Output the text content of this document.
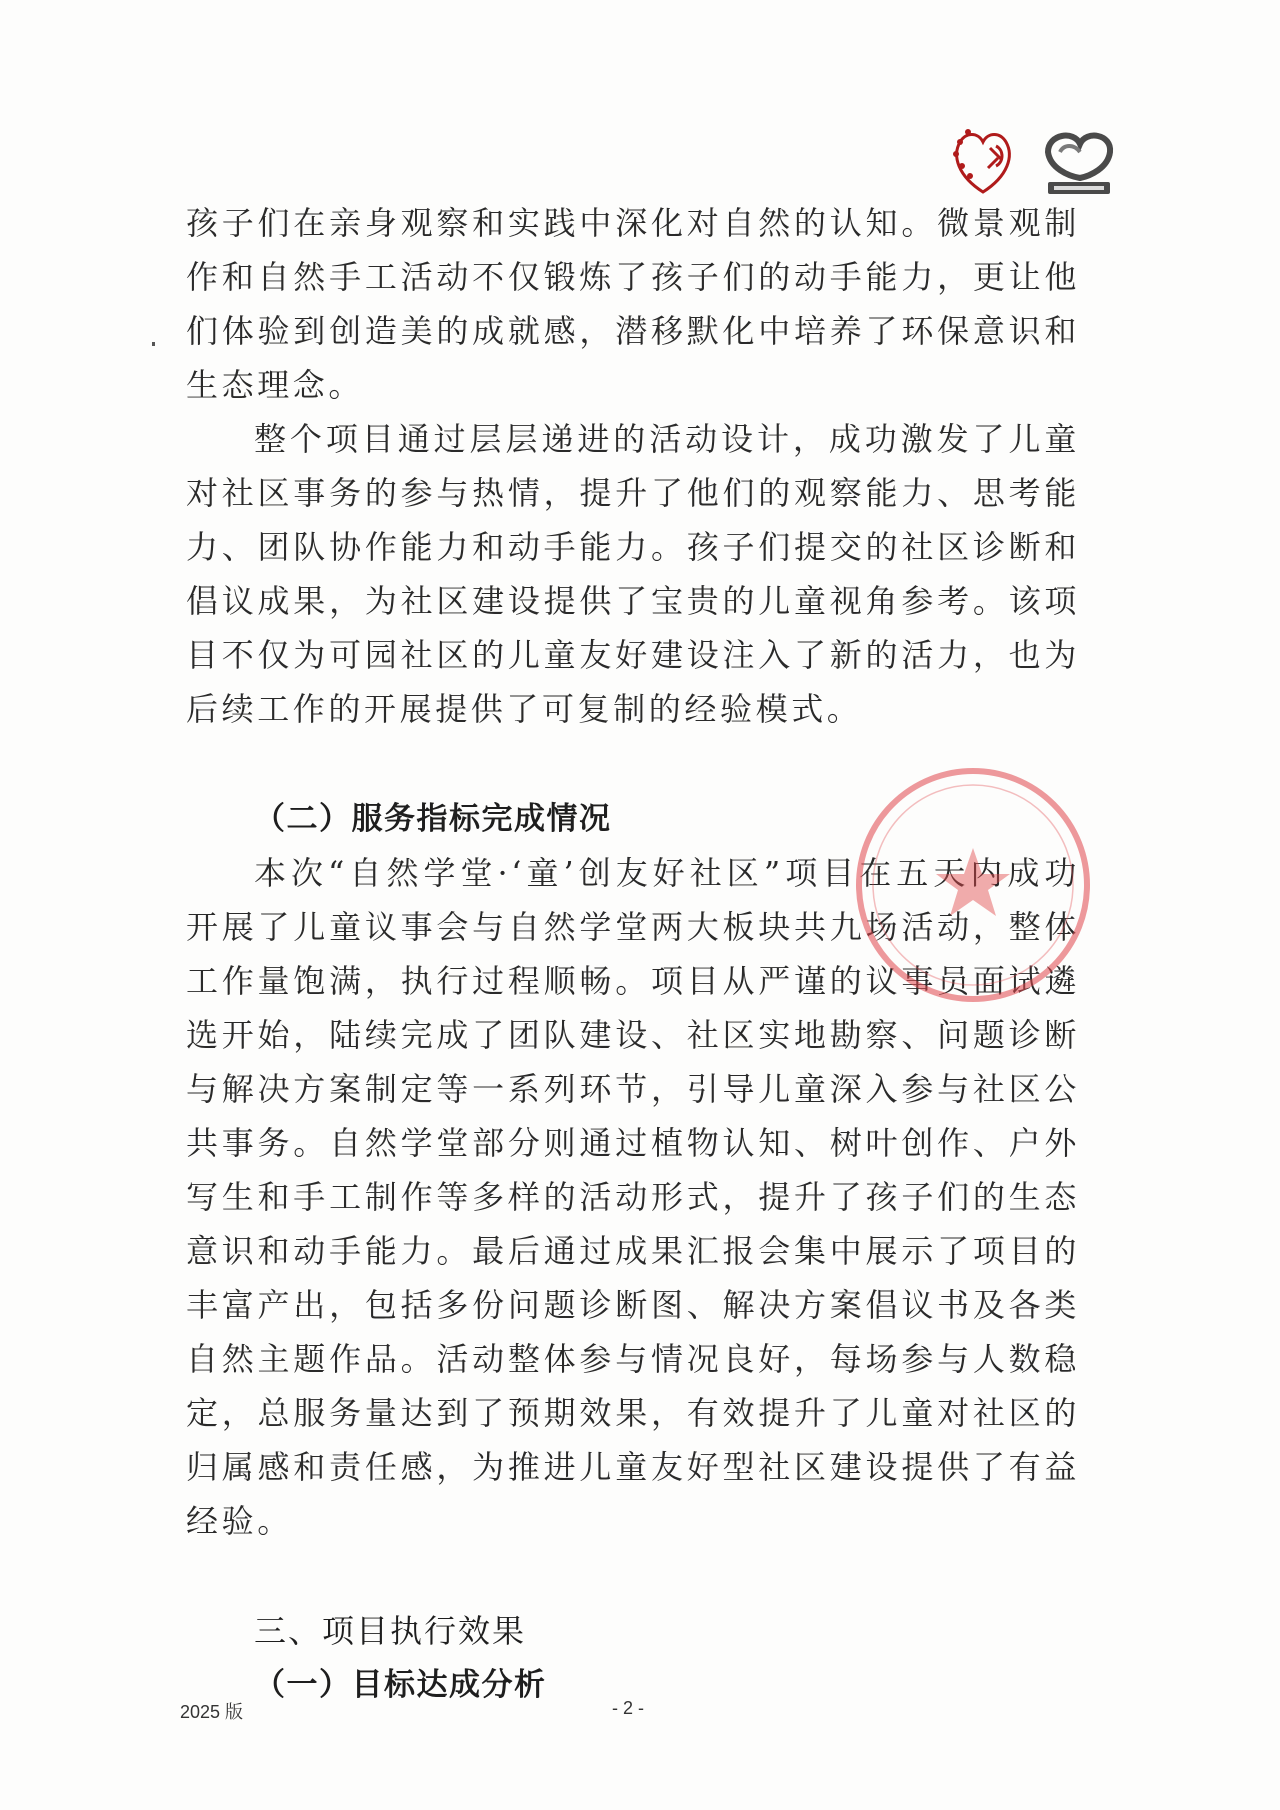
孩子们在亲身观察和实践中深化对自然的认知。微景观制作和自然手工活动不仅锻炼了孩子们的动手能力，更让他们体验到创造美的成就感，潜移默化中培养了环保意识和生态理念。

整个项目通过层层递进的活动设计，成功激发了儿童对社区事务的参与热情，提升了他们的观察能力、思考能力、团队协作能力和动手能力。孩子们提交的社区诊断和倡议成果，为社区建设提供了宝贵的儿童视角参考。该项目不仅为可园社区的儿童友好建设注入了新的活力，也为后续工作的开展提供了可复制的经验模式。

（二）服务指标完成情况

本次“自然学堂·‘童’创友好社区”项目在五天内成功开展了儿童议事会与自然学堂两大板块共九场活动，整体工作量饱满，执行过程顺畅。项目从严谨的议事员面试遴选开始，陆续完成了团队建设、社区实地勘察、问题诊断与解决方案制定等一系列环节，引导儿童深入参与社区公共事务。自然学堂部分则通过植物认知、树叶创作、户外写生和手工制作等多样的活动形式，提升了孩子们的生态意识和动手能力。最后通过成果汇报会集中展示了项目的丰富产出，包括多份问题诊断图、解决方案倡议书及各类自然主题作品。活动整体参与情况良好，每场参与人数稳定，总服务量达到了预期效果，有效提升了儿童对社区的归属感和责任感，为推进儿童友好型社区建设提供了有益经验。

三、项目执行效果
（一）目标达成分析
2025 版	- 2 -
